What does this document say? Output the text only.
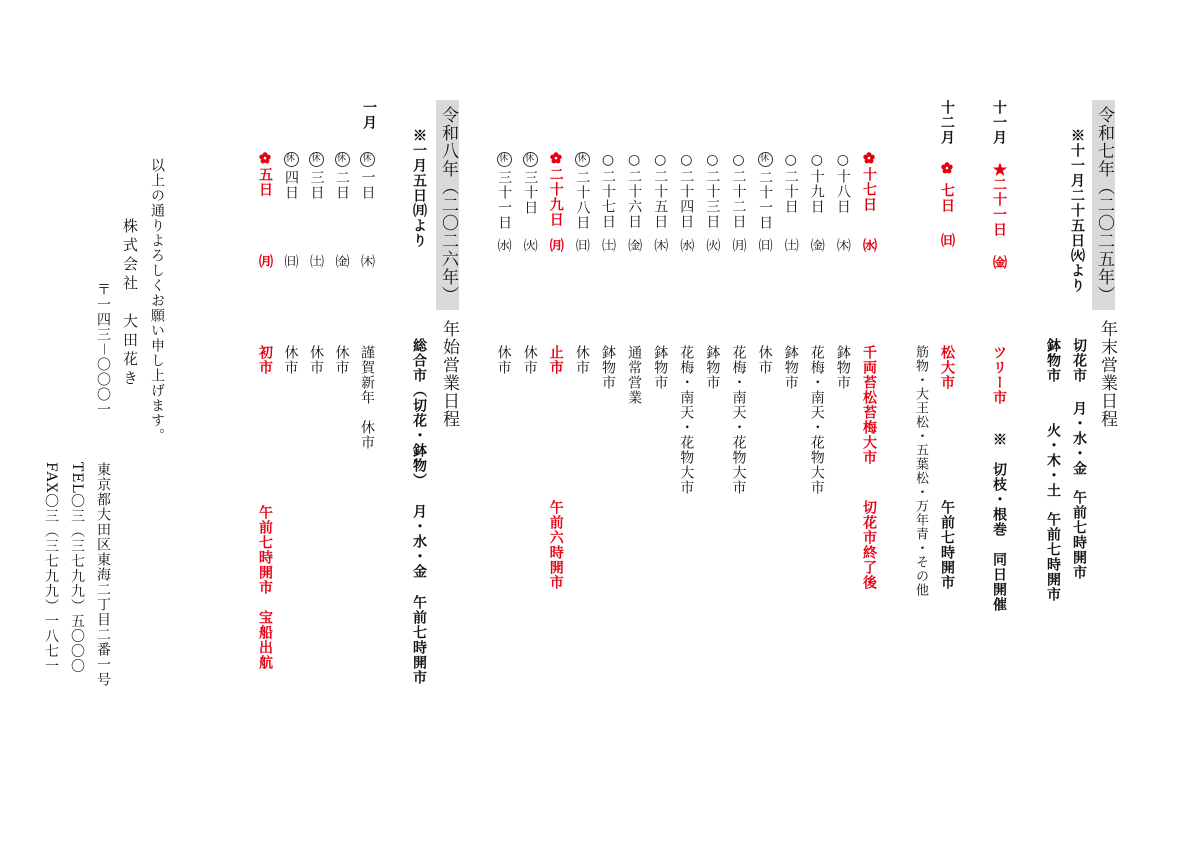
令和七年（二〇二五年）
※十一月二十五日㈫より
年末営業日程
切花市 月・水・金 午前七時開市
鉢物市 火・木・土 午前七時開市
十一月
★二十一日 ㈮
ツリー市
※　切枝・根巻　同日開催
十二月
七日 ㈰
松大市
午前七時開市
筋物・大王松・五葉松・万年青・その他
十七日
㈬
千両苔松苔梅大市
切花市終了後
○十八日
㈭
鉢物市
○十九日
㈮
花梅・南天・花物大市
○二十日
㈯
鉢物市
休二十一日
㈰
休市
○二十二日
㈪
花梅・南天・花物大市
○二十三日
㈫
鉢物市
○二十四日
㈬
花梅・南天・花物大市
○二十五日
㈭
鉢物市
○二十六日
㈮
通常営業
○二十七日
㈯
鉢物市
休二十八日
㈰
休市
二十九日
㈪
止市
午前六時開市
休三十日
㈫
休市
休三十一日
㈬
休市
令和八年（二〇二六年）
年始営業日程
※一月五日㈪より
総合市（切花・鉢物） 月・水・金 午前七時開市
一月
休一日
㈭
謹賀新年
休市
休二日
㈮
休市
休三日
㈯
休市
休四日
㈰
休市
五日
㈪
初市
午前七時開市　宝船出航
以上の通りよろしくお願い申し上げます。
株式会社　大田花き
〒一四三－〇〇〇一
東京都大田区東海二丁目二番一号
TEL〇三（三七九九）五〇〇〇
FAX〇三（三七九九）一八七一
